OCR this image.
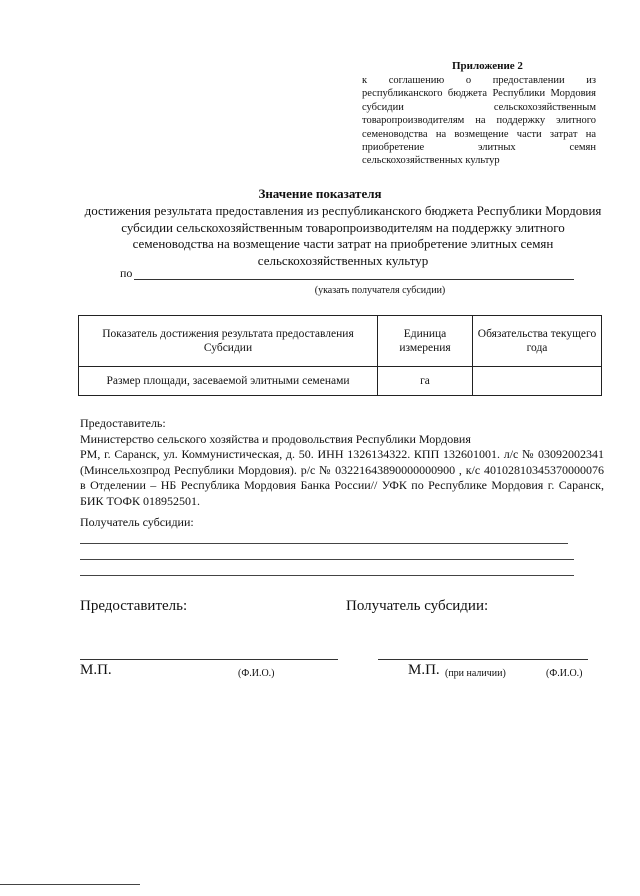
Приложение 2
к соглашению о предоставлении из республиканского бюджета Республики Мордовия субсидии сельскохозяйственным товаропроизводителям на поддержку элитного семеноводства на возмещение части затрат на приобретение элитных семян сельскохозяйственных культур
Значение показателя
достижения результата предоставления из республиканского бюджета Республики Мордовия субсидии сельскохозяйственным товаропроизводителям на поддержку элитного семеноводства на возмещение части затрат на приобретение элитных семян сельскохозяйственных культур
по
(указать получателя субсидии)
Показатель достижения результата предоставления Субсидии	Единица измерения	Обязательства текущего года
Размер площади, засеваемой элитными семенами	га	
Предоставитель:
Министерство сельского хозяйства и продовольствия Республики Мордовия
РМ, г. Саранск, ул. Коммунистическая, д. 50. ИНН 1326134322. КПП 132601001. л/с № 03092002341 (Минсельхозпрод Республики Мордовия). р/с № 03221643890000000900 , к/с 40102810345370000076 в Отделении – НБ Республика Мордовия Банка России// УФК по Республике Мордовия г. Саранск, БИК ТОФК 018952501.
Получатель субсидии:
Предоставитель:	Получатель субсидии:
М.П.	(Ф.И.О.)	М.П. (при наличии)	(Ф.И.О.)
